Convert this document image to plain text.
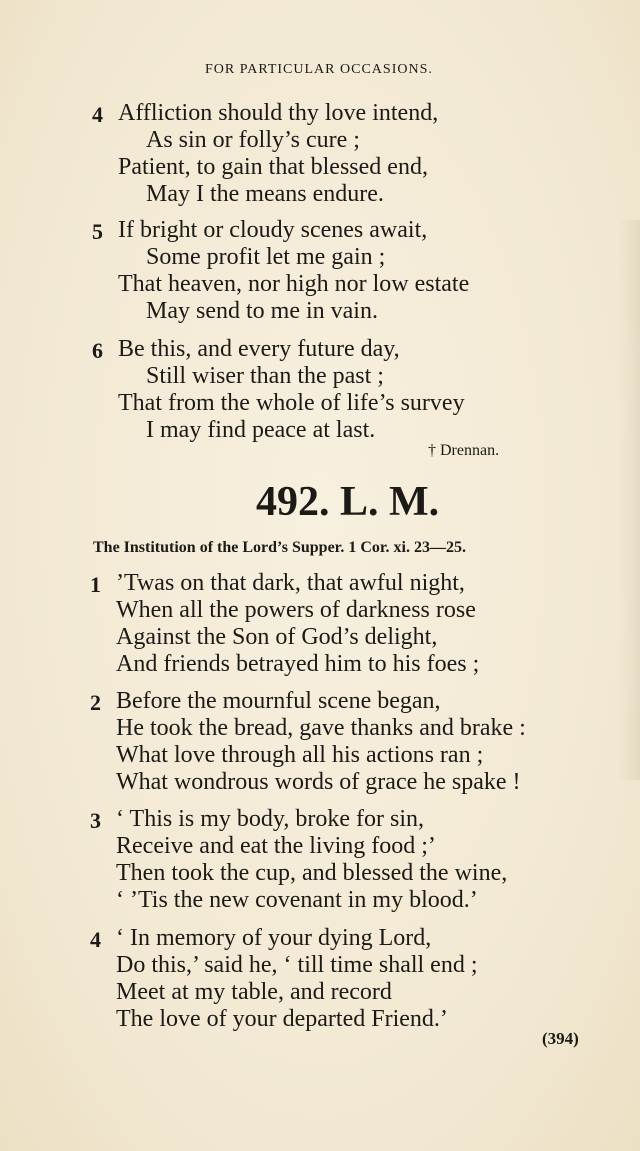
FOR PARTICULAR OCCASIONS.
4 Affliction should thy love intend,
As sin or folly’s cure ;
Patient, to gain that blessed end,
May I the means endure.
5 If bright or cloudy scenes await,
Some profit let me gain ;
That heaven, nor high nor low estate
May send to me in vain.
6 Be this, and every future day,
Still wiser than the past ;
That from the whole of life’s survey
I may find peace at last.
† Drennan.
492. L. M.
The Institution of the Lord’s Supper. 1 Cor. xi. 23—25.
1 ’Twas on that dark, that awful night,
When all the powers of darkness rose
Against the Son of God’s delight,
And friends betrayed him to his foes ;
2 Before the mournful scene began,
He took the bread, gave thanks and brake :
What love through all his actions ran ;
What wondrous words of grace he spake !
3 ‘ This is my body, broke for sin,
Receive and eat the living food ;’
Then took the cup, and blessed the wine,
‘ ’Tis the new covenant in my blood.’
4 ‘ In memory of your dying Lord,
Do this,’ said he, ‘ till time shall end ;
Meet at my table, and record
The love of your departed Friend.’
(394)
